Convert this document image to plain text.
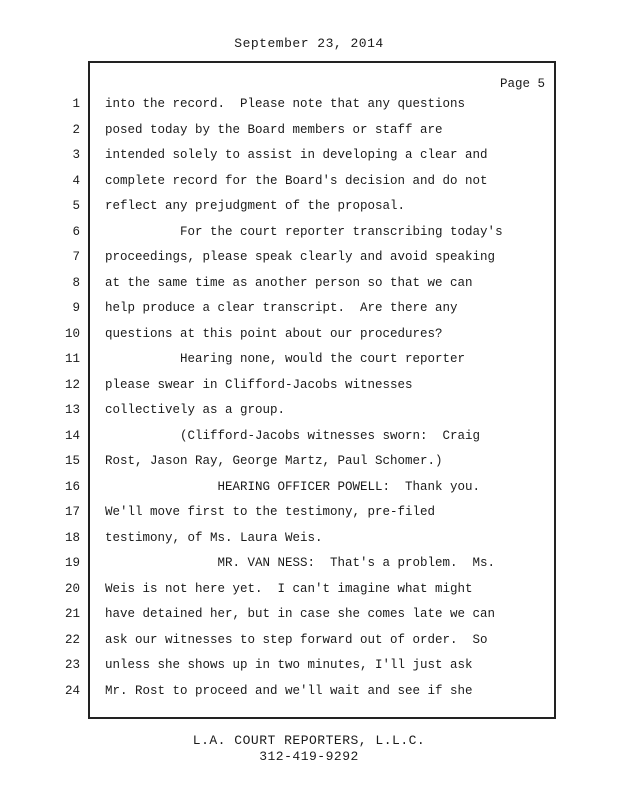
September 23, 2014
Page 5
1 into the record.  Please note that any questions
2 posed today by the Board members or staff are
3 intended solely to assist in developing a clear and
4 complete record for the Board's decision and do not
5 reflect any prejudgment of the proposal.
6 For the court reporter transcribing today's
7 proceedings, please speak clearly and avoid speaking
8 at the same time as another person so that we can
9 help produce a clear transcript.  Are there any
10 questions at this point about our procedures?
11 Hearing none, would the court reporter
12 please swear in Clifford-Jacobs witnesses
13 collectively as a group.
14 (Clifford-Jacobs witnesses sworn:  Craig
15 Rost, Jason Ray, George Martz, Paul Schomer.)
16 HEARING OFFICER POWELL:  Thank you.
17 We'll move first to the testimony, pre-filed
18 testimony, of Ms. Laura Weis.
19 MR. VAN NESS:  That's a problem.  Ms.
20 Weis is not here yet.  I can't imagine what might
21 have detained her, but in case she comes late we can
22 ask our witnesses to step forward out of order.  So
23 unless she shows up in two minutes, I'll just ask
24 Mr. Rost to proceed and we'll wait and see if she
L.A. COURT REPORTERS, L.L.C.
312-419-9292
